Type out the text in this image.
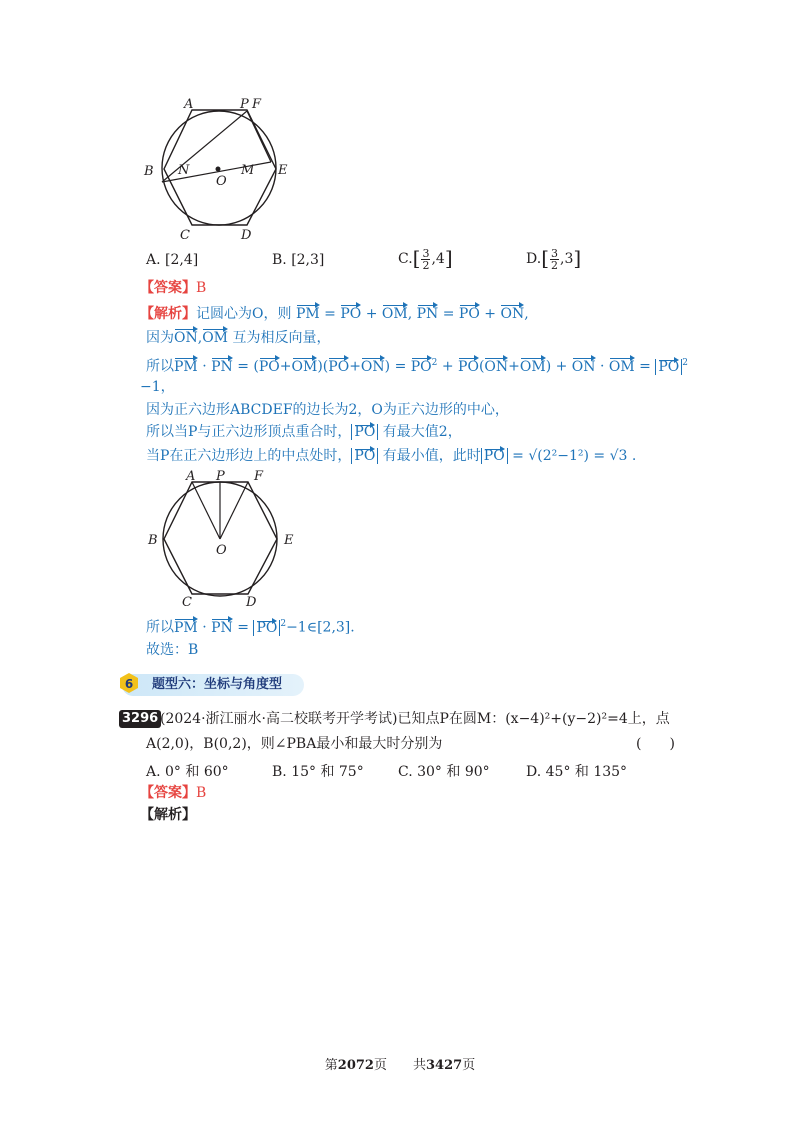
A	P F
B N
O
M E
C	D
A. [2,4]	B. [2,3]	$C.[ \frac{3}{2} ,4]$	$D.[ \frac{3}{2} ,3]$
【答案】B
【解析】记圆心为O，则 PM = PO + OM, PN = PO + ON,
因为ON,OM 互为相反向量，
所以PM · PN = $(PO+OM)(PO+ON) = PO^2 + PO(ON+OM)$ + ON · OM = PO $^2$
−1，
因为正六边形ABCDEF的边长为2，O为正六边形的中心，
所以当P与正六边形顶点重合时， PO 有最大值2，
当P在正六边形边上的中点处时， PO 有最小值，此时 PO = √(2²−1²) = √3 .
A P F
B
O
E
C	D
所以PM · PN = PO $^2$−1∈[2,3].
故选：B
6 题型六：坐标与角度型
3296 (2024·浙江丽水·高二校联考开学考试)已知点P在圆M：(x−4)²+(y−2)²=4上，点
A(2,0)，B(0,2)，则∠PBA最小和最大时分别为	(　　)
A. 0° 和 60°	B. 15° 和 75° C. 30° 和 90°	D. 45° 和 135°
【答案】B
【解析】
第2072页　　共3427页
